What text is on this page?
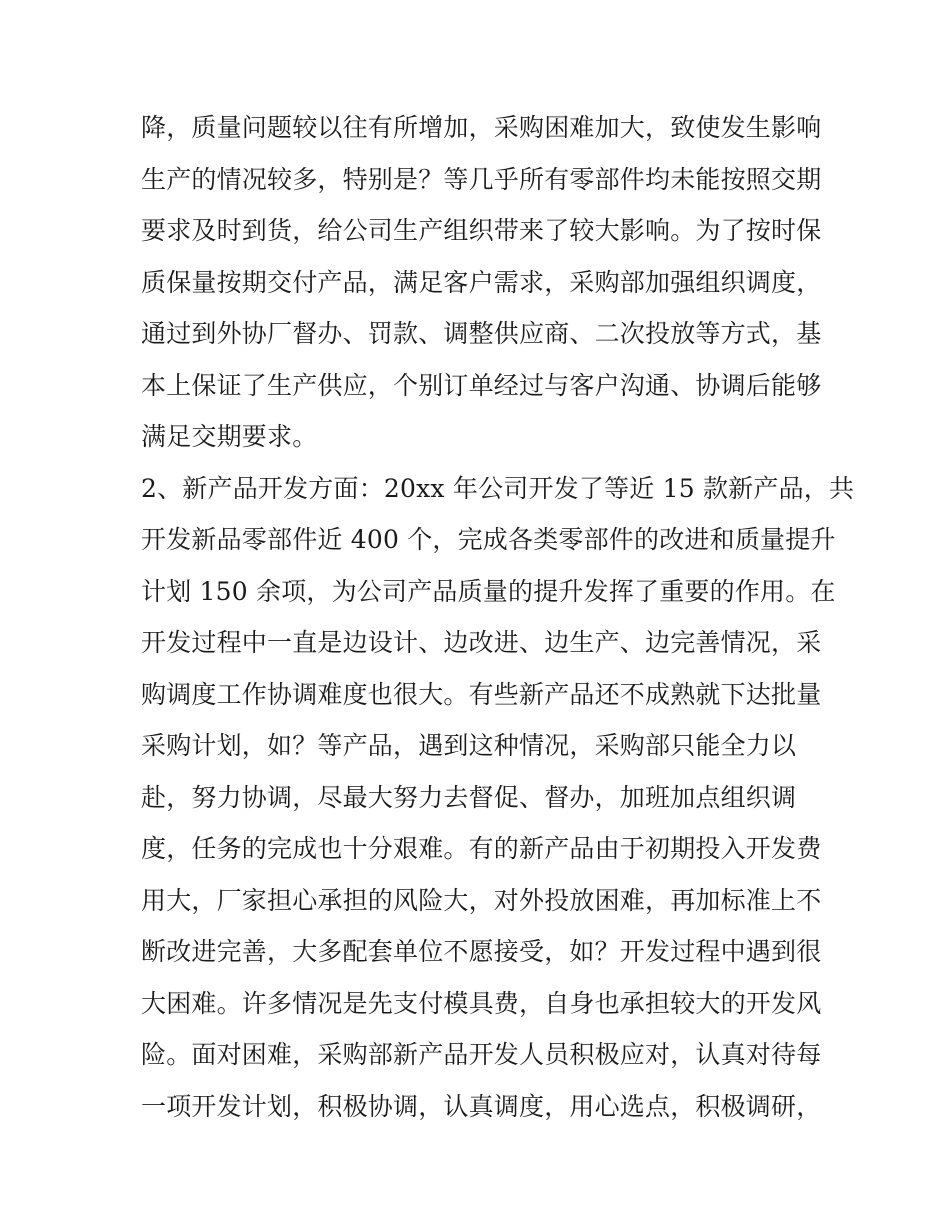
降，质量问题较以往有所增加，采购困难加大，致使发生影响
生产的情况较多，特别是？等几乎所有零部件均未能按照交期
要求及时到货，给公司生产组织带来了较大影响。为了按时保
质保量按期交付产品，满足客户需求，采购部加强组织调度，
通过到外协厂督办、罚款、调整供应商、二次投放等方式，基
本上保证了生产供应，个别订单经过与客户沟通、协调后能够
满足交期要求。
2、新产品开发方面：20xx 年公司开发了等近 15 款新产品，共
开发新品零部件近 400 个，完成各类零部件的改进和质量提升
计划 150 余项，为公司产品质量的提升发挥了重要的作用。在
开发过程中一直是边设计、边改进、边生产、边完善情况，采
购调度工作协调难度也很大。有些新产品还不成熟就下达批量
采购计划，如？等产品，遇到这种情况，采购部只能全力以
赴，努力协调，尽最大努力去督促、督办，加班加点组织调
度，任务的完成也十分艰难。有的新产品由于初期投入开发费
用大，厂家担心承担的风险大，对外投放困难，再加标准上不
断改进完善，大多配套单位不愿接受，如？开发过程中遇到很
大困难。许多情况是先支付模具费，自身也承担较大的开发风
险。面对困难，采购部新产品开发人员积极应对，认真对待每
一项开发计划，积极协调，认真调度，用心选点，积极调研，
